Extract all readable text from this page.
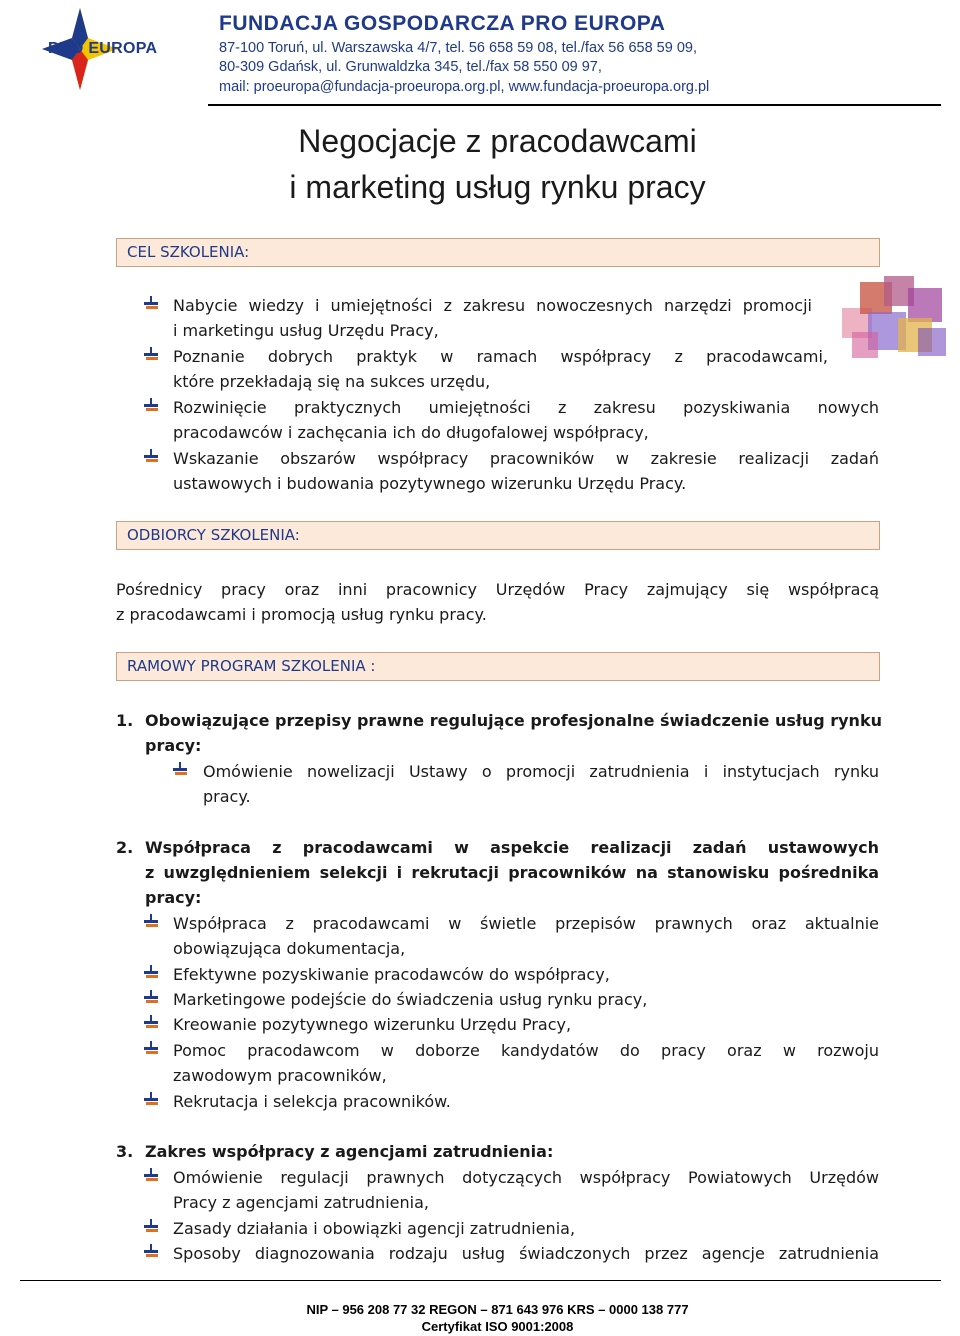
PRO EUROPA
FUNDACJA GOSPODARCZA PRO EUROPA
87-100 Toruń, ul. Warszawska 4/7, tel. 56 658 59 08, tel./fax 56 658 59 09,
80-309 Gdańsk, ul. Grunwaldzka 345, tel./fax 58 550 09 97,
mail: proeuropa@fundacja-proeuropa.org.pl, www.fundacja-proeuropa.org.pl
Negocjacje z pracodawcami
i marketing usług rynku pracy
CEL SZKOLENIA:
Nabycie wiedzy i umiejętności z zakresu nowoczesnych narzędzi promocji
i marketingu usług Urzędu Pracy,
Poznanie dobrych praktyk w ramach współpracy z pracodawcami,
które przekładają się na sukces urzędu,
Rozwinięcie praktycznych umiejętności z zakresu pozyskiwania nowych
pracodawców i zachęcania ich do długofalowej współpracy,
Wskazanie obszarów współpracy pracowników w zakresie realizacji zadań
ustawowych i budowania pozytywnego wizerunku Urzędu Pracy.
ODBIORCY SZKOLENIA:
Pośrednicy pracy oraz inni pracownicy Urzędów Pracy zajmujący się współpracą
z pracodawcami i promocją usług rynku pracy.
RAMOWY PROGRAM SZKOLENIA :
1. Obowiązujące przepisy prawne regulujące profesjonalne świadczenie usług rynku
pracy:
Omówienie nowelizacji Ustawy o promocji zatrudnienia i instytucjach rynku
pracy.
2. Współpraca z pracodawcami w aspekcie realizacji zadań ustawowych
z uwzględnieniem selekcji i rekrutacji pracowników na stanowisku pośrednika
pracy:
Współpraca z pracodawcami w świetle przepisów prawnych oraz aktualnie
obowiązująca dokumentacja,
Efektywne pozyskiwanie pracodawców do współpracy,
Marketingowe podejście do świadczenia usług rynku pracy,
Kreowanie pozytywnego wizerunku Urzędu Pracy,
Pomoc pracodawcom w doborze kandydatów do pracy oraz w rozwoju
zawodowym pracowników,
Rekrutacja i selekcja pracowników.
3. Zakres współpracy z agencjami zatrudnienia:
Omówienie regulacji prawnych dotyczących współpracy Powiatowych Urzędów
Pracy z agencjami zatrudnienia,
Zasady działania i obowiązki agencji zatrudnienia,
Sposoby diagnozowania rodzaju usług świadczonych przez agencje zatrudnienia
NIP – 956 208 77 32 REGON – 871 643 976 KRS – 0000 138 777
Certyfikat ISO 9001:2008
